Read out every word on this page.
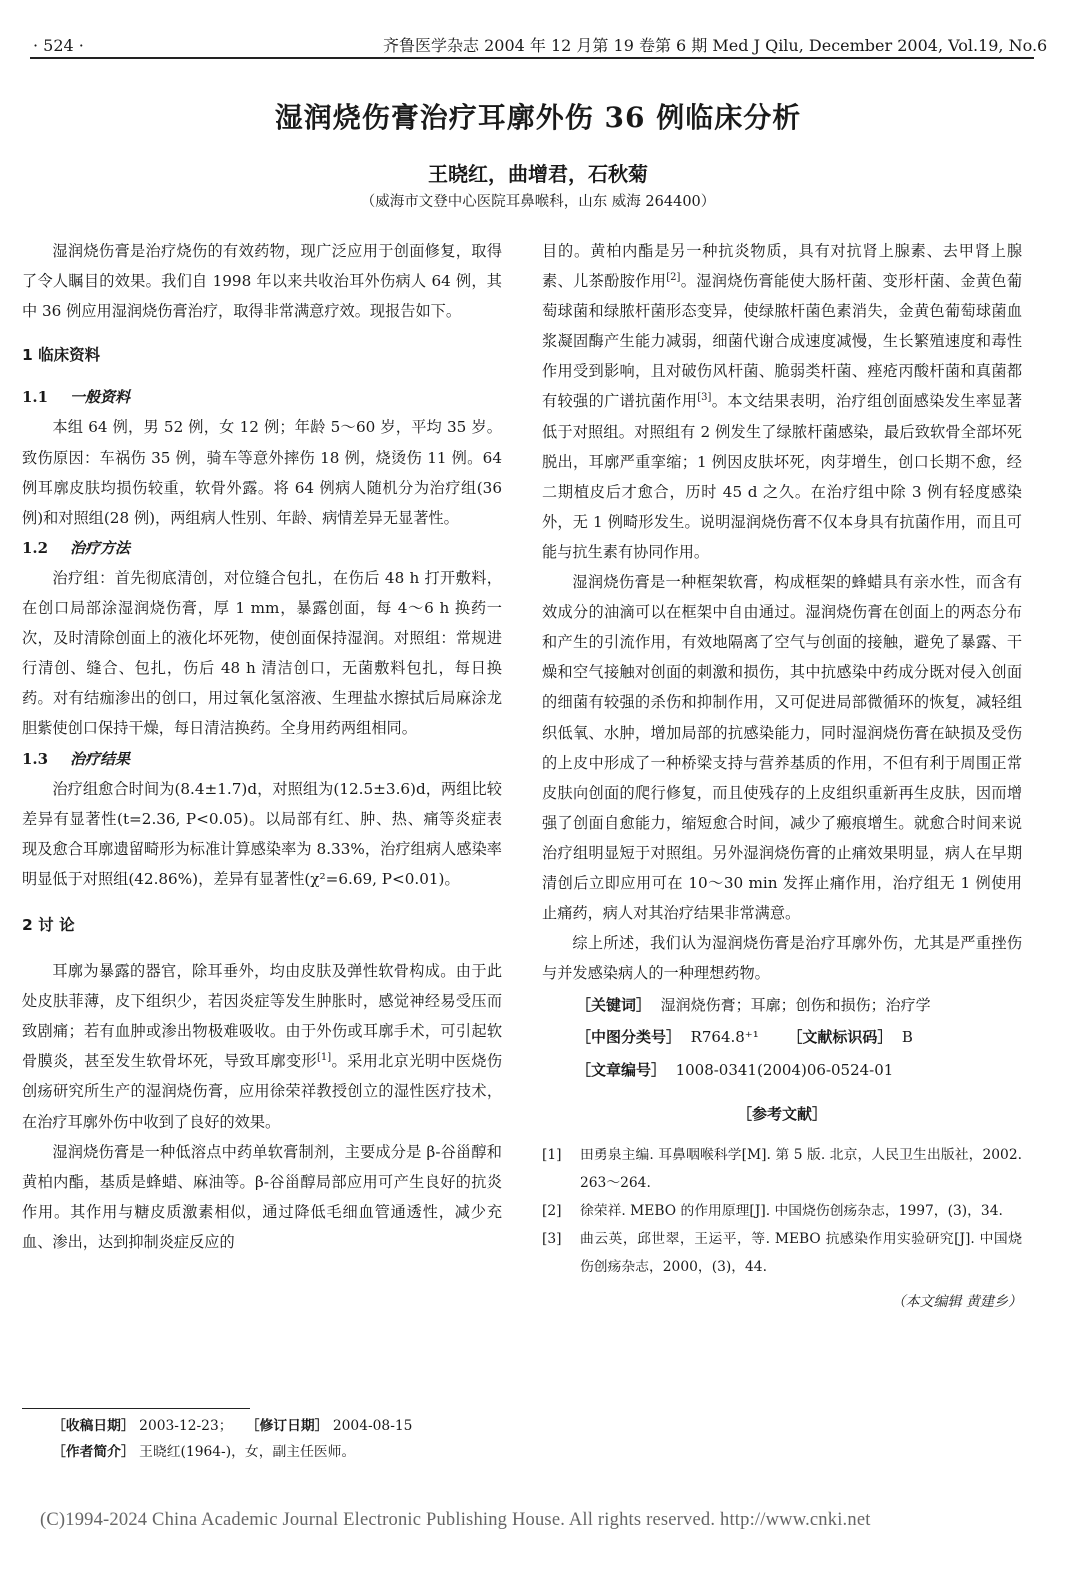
· 524 ·	齐鲁医学杂志 2004 年 12 月第 19 卷第 6 期 Med J Qilu, December 2004, Vol.19, No.6
湿润烧伤膏治疗耳廓外伤 36 例临床分析
王晓红，曲增君，石秋菊
（威海市文登中心医院耳鼻喉科，山东 威海 264400）

湿润烧伤膏是治疗烧伤的有效药物，现广泛应用于创面修复，取得了令人瞩目的效果。我们自 1998 年以来共收治耳外伤病人 64 例，其中 36 例应用湿润烧伤膏治疗，取得非常满意疗效。现报告如下。

1 临床资料
1.1 一般资料

本组 64 例，男 52 例，女 12 例；年龄 5～60 岁，平均 35 岁。致伤原因：车祸伤 35 例，骑车等意外摔伤 18 例，烧烫伤 11 例。64 例耳廓皮肤均损伤较重，软骨外露。将 64 例病人随机分为治疗组(36 例)和对照组(28 例)，两组病人性别、年龄、病情差异无显著性。

1.2 治疗方法

治疗组：首先彻底清创，对位缝合包扎，在伤后 48 h 打开敷料，在创口局部涂湿润烧伤膏，厚 1 mm，暴露创面，每 4～6 h 换药一次，及时清除创面上的液化坏死物，使创面保持湿润。对照组：常规进行清创、缝合、包扎，伤后 48 h 清洁创口，无菌敷料包扎，每日换药。对有结痂渗出的创口，用过氧化氢溶液、生理盐水擦拭后局麻涂龙胆紫使创口保持干燥，每日清洁换药。全身用药两组相同。

1.3 治疗结果

治疗组愈合时间为(8.4±1.7)d，对照组为(12.5±3.6)d，两组比较差异有显著性(t=2.36, P<0.05)。以局部有红、肿、热、痛等炎症表现及愈合耳廓遗留畸形为标准计算感染率为 8.33%，治疗组病人感染率明显低于对照组(42.86%)，差异有显著性(χ²=6.69, P<0.01)。

2 讨 论

耳廓为暴露的器官，除耳垂外，均由皮肤及弹性软骨构成。由于此处皮肤菲薄，皮下组织少，若因炎症等发生肿胀时，感觉神经易受压而致剧痛；若有血肿或渗出物极难吸收。由于外伤或耳廓手术，可引起软骨膜炎，甚至发生软骨坏死，导致耳廓变形[1]。采用北京光明中医烧伤创疡研究所生产的湿润烧伤膏，应用徐荣祥教授创立的湿性医疗技术，在治疗耳廓外伤中收到了良好的效果。

湿润烧伤膏是一种低溶点中药单软膏制剂，主要成分是 β-谷甾醇和黄柏内酯，基质是蜂蜡、麻油等。β-谷甾醇局部应用可产生良好的抗炎作用。其作用与糖皮质激素相似，通过降低毛细血管通透性，减少充血、渗出，达到抑制炎症反应的

目的。黄柏内酯是另一种抗炎物质，具有对抗肾上腺素、去甲肾上腺素、儿茶酚胺作用[2]。湿润烧伤膏能使大肠杆菌、变形杆菌、金黄色葡萄球菌和绿脓杆菌形态变异，使绿脓杆菌色素消失，金黄色葡萄球菌血浆凝固酶产生能力减弱，细菌代谢合成速度减慢，生长繁殖速度和毒性作用受到影响，且对破伤风杆菌、脆弱类杆菌、痤疮丙酸杆菌和真菌都有较强的广谱抗菌作用[3]。本文结果表明，治疗组创面感染发生率显著低于对照组。对照组有 2 例发生了绿脓杆菌感染，最后致软骨全部坏死脱出，耳廓严重挛缩；1 例因皮肤坏死，肉芽增生，创口长期不愈，经二期植皮后才愈合，历时 45 d 之久。在治疗组中除 3 例有轻度感染外，无 1 例畸形发生。说明湿润烧伤膏不仅本身具有抗菌作用，而且可能与抗生素有协同作用。

湿润烧伤膏是一种框架软膏，构成框架的蜂蜡具有亲水性，而含有效成分的油滴可以在框架中自由通过。湿润烧伤膏在创面上的两态分布和产生的引流作用，有效地隔离了空气与创面的接触，避免了暴露、干燥和空气接触对创面的刺激和损伤，其中抗感染中药成分既对侵入创面的细菌有较强的杀伤和抑制作用，又可促进局部微循环的恢复，减轻组织低氧、水肿，增加局部的抗感染能力，同时湿润烧伤膏在缺损及受伤的上皮中形成了一种桥梁支持与营养基质的作用，不但有利于周围正常皮肤向创面的爬行修复，而且使残存的上皮组织重新再生皮肤，因而增强了创面自愈能力，缩短愈合时间，减少了瘢痕增生。就愈合时间来说治疗组明显短于对照组。另外湿润烧伤膏的止痛效果明显，病人在早期清创后立即应用可在 10～30 min 发挥止痛作用，治疗组无 1 例使用止痛药，病人对其治疗结果非常满意。

综上所述，我们认为湿润烧伤膏是治疗耳廓外伤，尤其是严重挫伤与并发感染病人的一种理想药物。

［关键词］ 湿润烧伤膏；耳廓；创伤和损伤；治疗学
［中图分类号］ R764.8⁺¹ ［文献标识码］ B
［文章编号］ 1008-0341(2004)06-0524-01
［参考文献］
[1]	田勇泉主编. 耳鼻咽喉科学[M]. 第 5 版. 北京，人民卫生出版社，2002. 263～264.
[2]	徐荣祥. MEBO 的作用原理[J]. 中国烧伤创疡杂志，1997，(3)，34.
[3]	曲云英，邱世翠，王运平，等. MEBO 抗感染作用实验研究[J]. 中国烧伤创疡杂志，2000，(3)，44.
（本文编辑 黄建乡）
［收稿日期］ 2003-12-23； ［修订日期］ 2004-08-15
［作者简介］ 王晓红(1964-)，女，副主任医师。
(C)1994-2024 China Academic Journal Electronic Publishing House. All rights reserved. http://www.cnki.net
